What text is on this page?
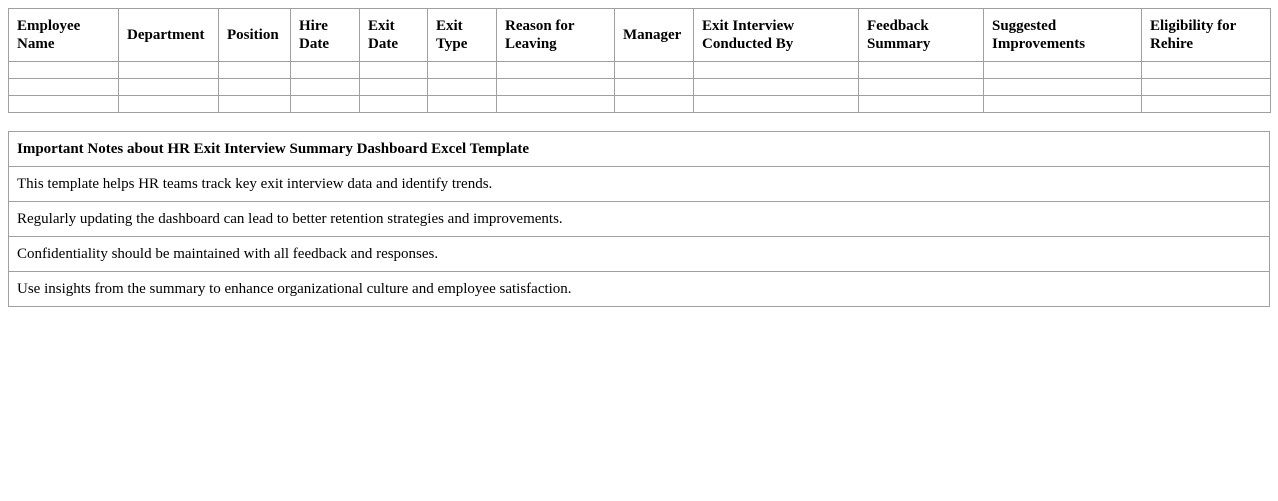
Employee Name	Department	Position	Hire Date	Exit Date	Exit Type	Reason for Leaving	Manager	Exit Interview Conducted By	Feedback Summary	Suggested Improvements	Eligibility for Rehire

Important Notes about HR Exit Interview Summary Dashboard Excel Template
This template helps HR teams track key exit interview data and identify trends.
Regularly updating the dashboard can lead to better retention strategies and improvements.
Confidentiality should be maintained with all feedback and responses.
Use insights from the summary to enhance organizational culture and employee satisfaction.
